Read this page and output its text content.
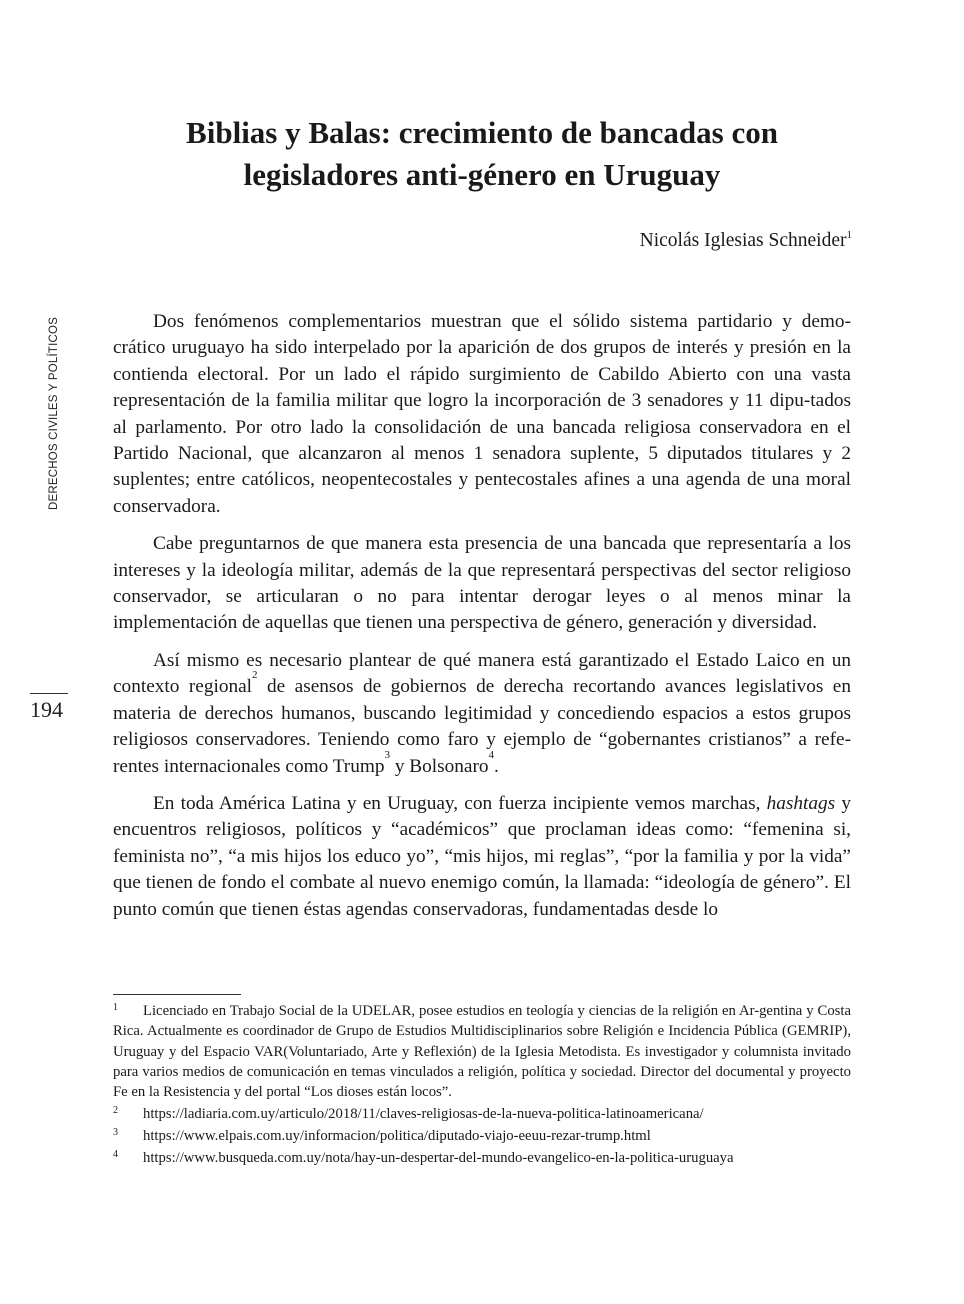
DERECHOS CIVILES Y POLÍTICOS
194
Biblias y Balas: crecimiento de bancadas con
legisladores anti-género en Uruguay
Nicolás Iglesias Schneider$^1$

Dos fenómenos complementarios muestran que el sólido sistema partidario y demo-crático uruguayo ha sido interpelado por la aparición de dos grupos de interés y presión en la contienda electoral. Por un lado el rápido surgimiento de Cabildo Abierto con una vasta representación de la familia militar que logro la incorporación de 3 senadores y 11 dipu-tados al parlamento. Por otro lado la consolidación de una bancada religiosa conservadora en el Partido Nacional, que alcanzaron al menos 1 senadora suplente, 5 diputados titulares y 2 suplentes; entre católicos, neopentecostales y pentecostales afines a una agenda de una moral conservadora.

Cabe preguntarnos de que manera esta presencia de una bancada que representaría a los intereses y la ideología militar, además de la que representará perspectivas del sector religioso conservador, se articularan o no para intentar derogar leyes o al menos minar la implementación de aquellas que tienen una perspectiva de género, generación y diversidad.

Así mismo es necesario plantear de qué manera está garantizado el Estado Laico en un contexto regional$^2$ de asensos de gobiernos de derecha recortando avances legislativos en materia de derechos humanos, buscando legitimidad y concediendo espacios a estos grupos religiosos conservadores. Teniendo como faro y ejemplo de “gobernantes cristianos” a refe-rentes internacionales como Trump$^3$ y Bolsonaro$^4$.

En toda América Latina y en Uruguay, con fuerza incipiente vemos marchas, hashtags y encuentros religiosos, políticos y “académicos” que proclaman ideas como: “femenina si, feminista no”, “a mis hijos los educo yo”, “mis hijos, mi reglas”, “por la familia y por la vida” que tienen de fondo el combate al nuevo enemigo común, la llamada: “ideología de género”. El punto común que tienen éstas agendas conservadoras, fundamentadas desde lo

1 Licenciado en Trabajo Social de la UDELAR, posee estudios en teología y ciencias de la religión en Ar-gentina y Costa Rica. Actualmente es coordinador de Grupo de Estudios Multidisciplinarios sobre Religión e Incidencia Pública (GEMRIP), Uruguay y del Espacio VAR(Voluntariado, Arte y Reflexión) de la Iglesia Metodista. Es investigador y columnista invitado para varios medios de comunicación en temas vinculados a religión, política y sociedad. Director del documental y proyecto Fe en la Resistencia y del portal “Los dioses están locos”.
2 https://ladiaria.com.uy/articulo/2018/11/claves-religiosas-de-la-nueva-politica-latinoamericana/
3 https://www.elpais.com.uy/informacion/politica/diputado-viajo-eeuu-rezar-trump.html
4 https://www.busqueda.com.uy/nota/hay-un-despertar-del-mundo-evangelico-en-la-politica-uruguaya
